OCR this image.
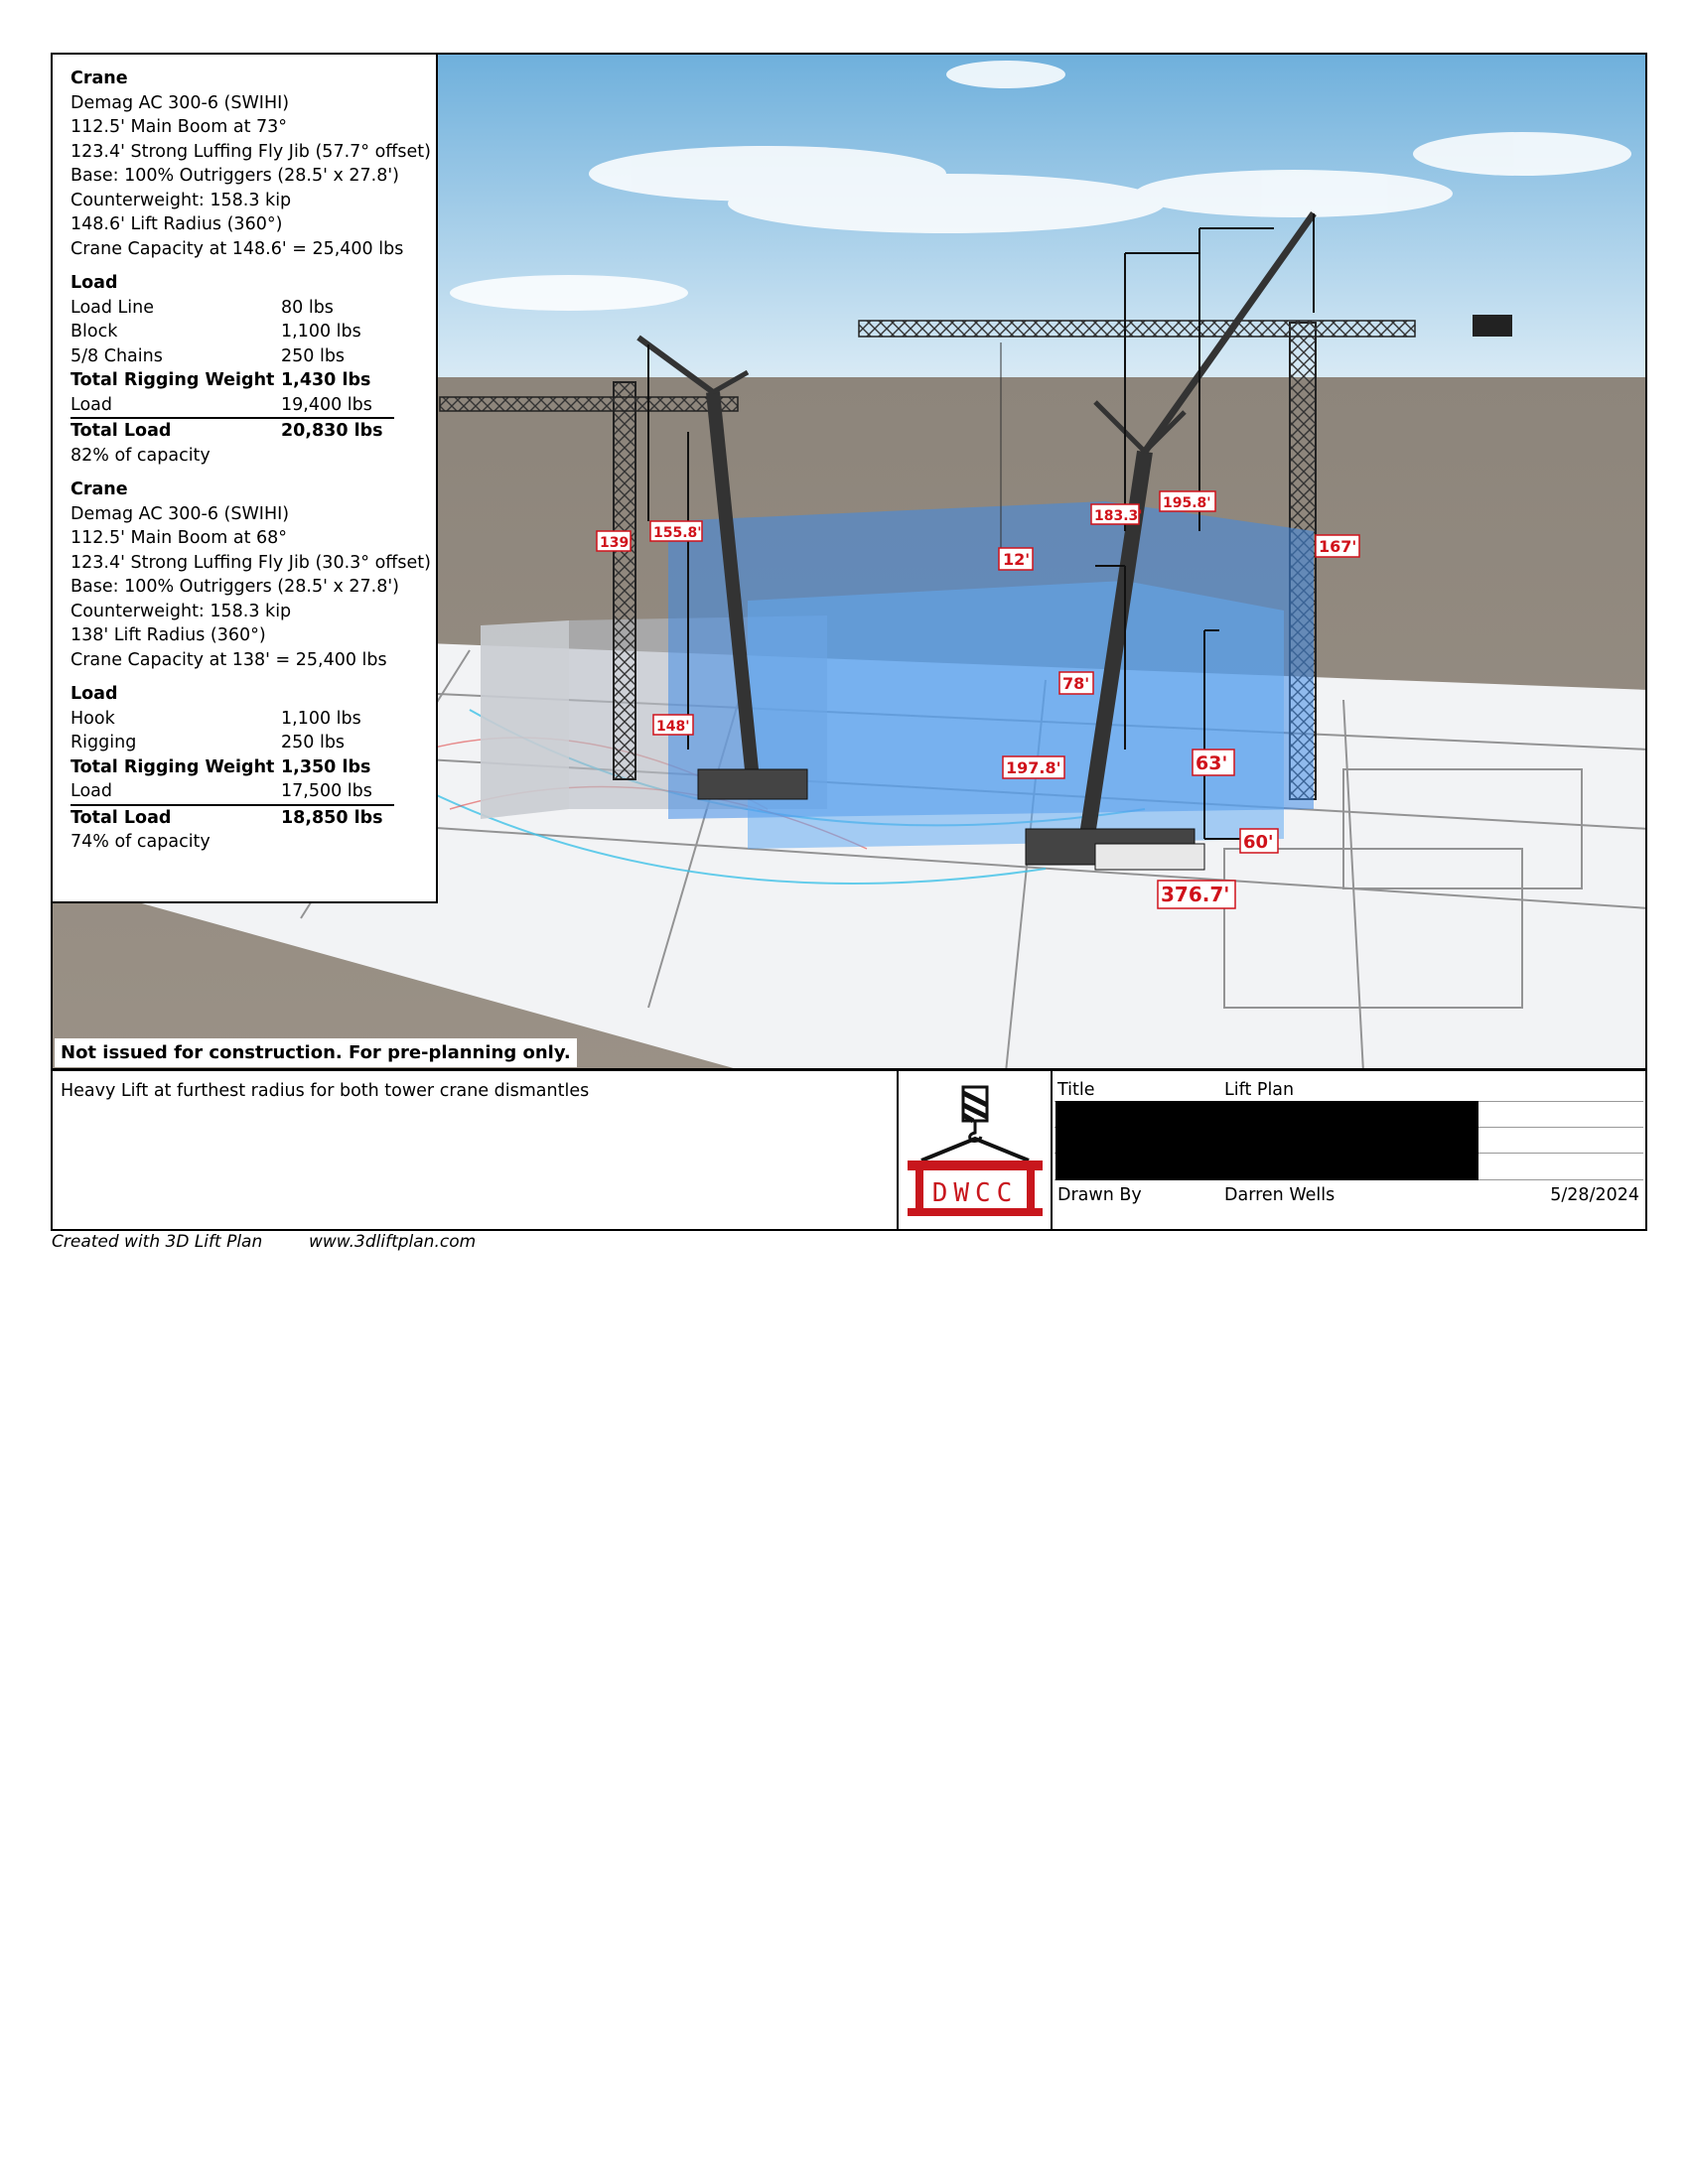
139'
155.8'
148'
183.3'
195.8'
12'
167'
78'
197.8'	63'
60'
376.7'
Crane
Demag AC 300-6 (SWIHI)
112.5' Main Boom at 73°
123.4' Strong Luffing Fly Jib (57.7° offset)
Base: 100% Outriggers (28.5' x 27.8')
Counterweight: 158.3 kip
148.6' Lift Radius (360°)
Crane Capacity at 148.6' = 25,400 lbs
Load
Load Line	80 lbs
Block	1,100 lbs
5/8 Chains	250 lbs
Total Rigging Weight 1,430 lbs
Load	19,400 lbs
Total Load	20,830 lbs
82% of capacity
Crane
Demag AC 300-6 (SWIHI)
112.5' Main Boom at 68°
123.4' Strong Luffing Fly Jib (30.3° offset)
Base: 100% Outriggers (28.5' x 27.8')
Counterweight: 158.3 kip
138' Lift Radius (360°)
Crane Capacity at 138' = 25,400 lbs
Load
Hook	1,100 lbs
Rigging	250 lbs
Total Rigging Weight 1,350 lbs
Load	17,500 lbs
Total Load	18,850 lbs
74% of capacity
Not issued for construction. For pre-planning only.
Heavy Lift at furthest radius for both tower crane dismantles
DWCC
Title	Lift Plan
Drawn By	Darren Wells	5/28/2024
Created with 3D Lift Plan	www.3dliftplan.com
